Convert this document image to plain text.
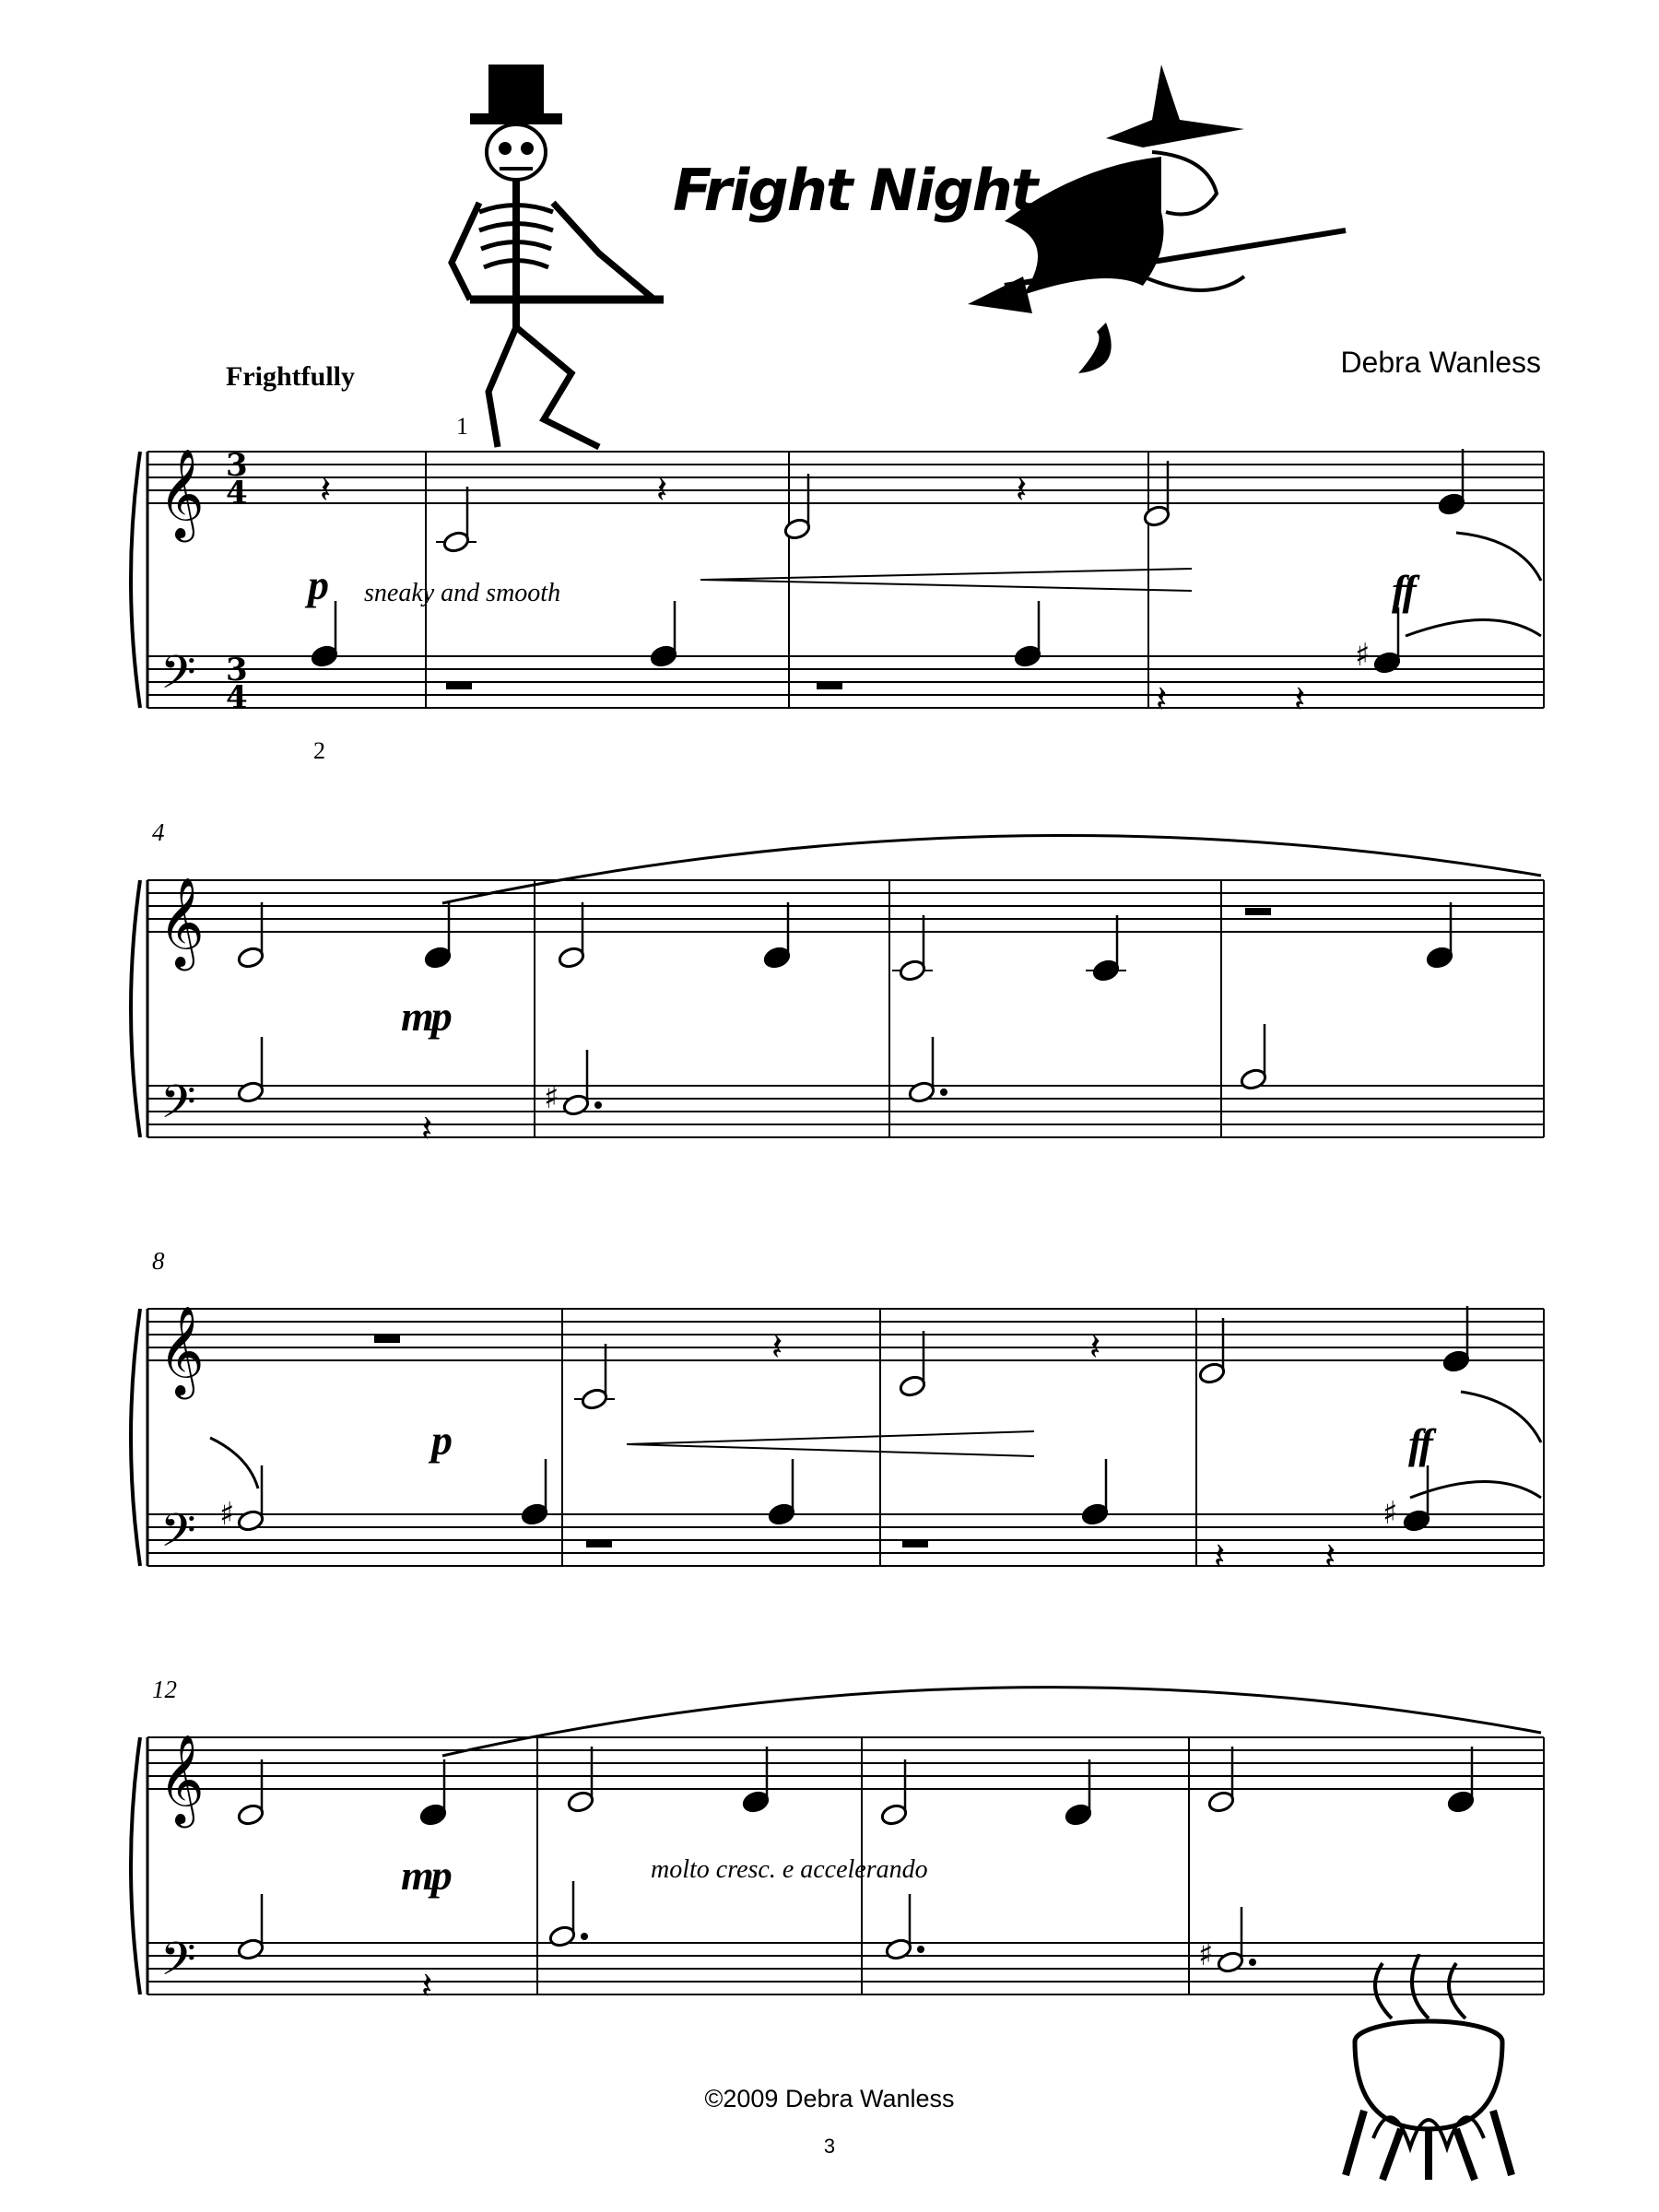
Fright Night
Debra Wanless
Frightfully
𝄞
𝄢
3
4
3
4
𝄞
𝄢
𝄞
𝄢 ♯
𝄞
𝄢
𝄽	𝄽	𝄽
𝄽	𝄽
♯
𝄽
♯
𝄽	𝄽
𝄽	𝄽
♯
𝄽
♯
4
8
12
1
2
p	ff
mp
p	ff
mp
sneaky and smooth
molto cresc. e accelerando
©2009 Debra Wanless
3
